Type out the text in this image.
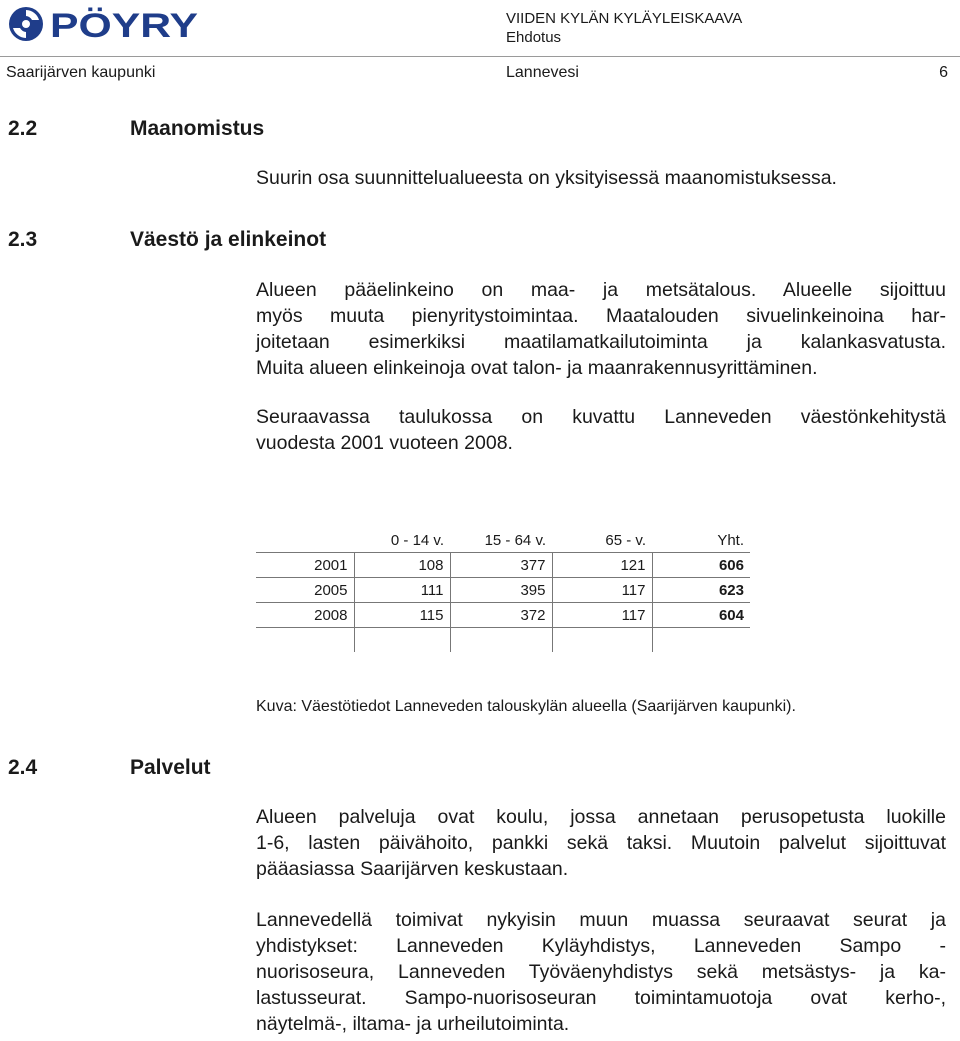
PÖYRY	VIIDEN KYLÄN KYLÄYLEISKAAVA
Ehdotus
Saarijärven kaupunki	Lannevesi	6
2.2	Maanomistus
Suurin osa suunnittelualueesta on yksityisessä maanomistuksessa.
2.3	Väestö ja elinkeinot
Alueen pääelinkeino on maa- ja metsätalous. Alueelle sijoittuu
myös muuta pienyritystoimintaa. Maatalouden sivuelinkeinoina har-
joitetaan esimerkiksi maatilamatkailutoiminta ja kalankasvatusta.
Muita alueen elinkeinoja ovat talon- ja maanrakennusyrittäminen.
Seuraavassa taulukossa on kuvattu Lanneveden väestönkehitystä
vuodesta 2001 vuoteen 2008.
	0 - 14 v.	15 - 64 v.	65 - v.	Yht.
2001	108	377	121	606
2005	111	395	117	623
2008	115	372	117	604

Kuva: Väestötiedot Lanneveden talouskylän alueella (Saarijärven kaupunki).
2.4	Palvelut
Alueen palveluja ovat koulu, jossa annetaan perusopetusta luokille
1-6, lasten päivähoito, pankki sekä taksi. Muutoin palvelut sijoittuvat
pääasiassa Saarijärven keskustaan.
Lannevedellä toimivat nykyisin muun muassa seuraavat seurat ja
yhdistykset: Lanneveden Kyläyhdistys, Lanneveden Sampo -
nuorisoseura, Lanneveden Työväenyhdistys sekä metsästys- ja ka-
lastusseurat. Sampo-nuorisoseuran toimintamuotoja ovat kerho-,
näytelmä-, iltama- ja urheilutoiminta.
